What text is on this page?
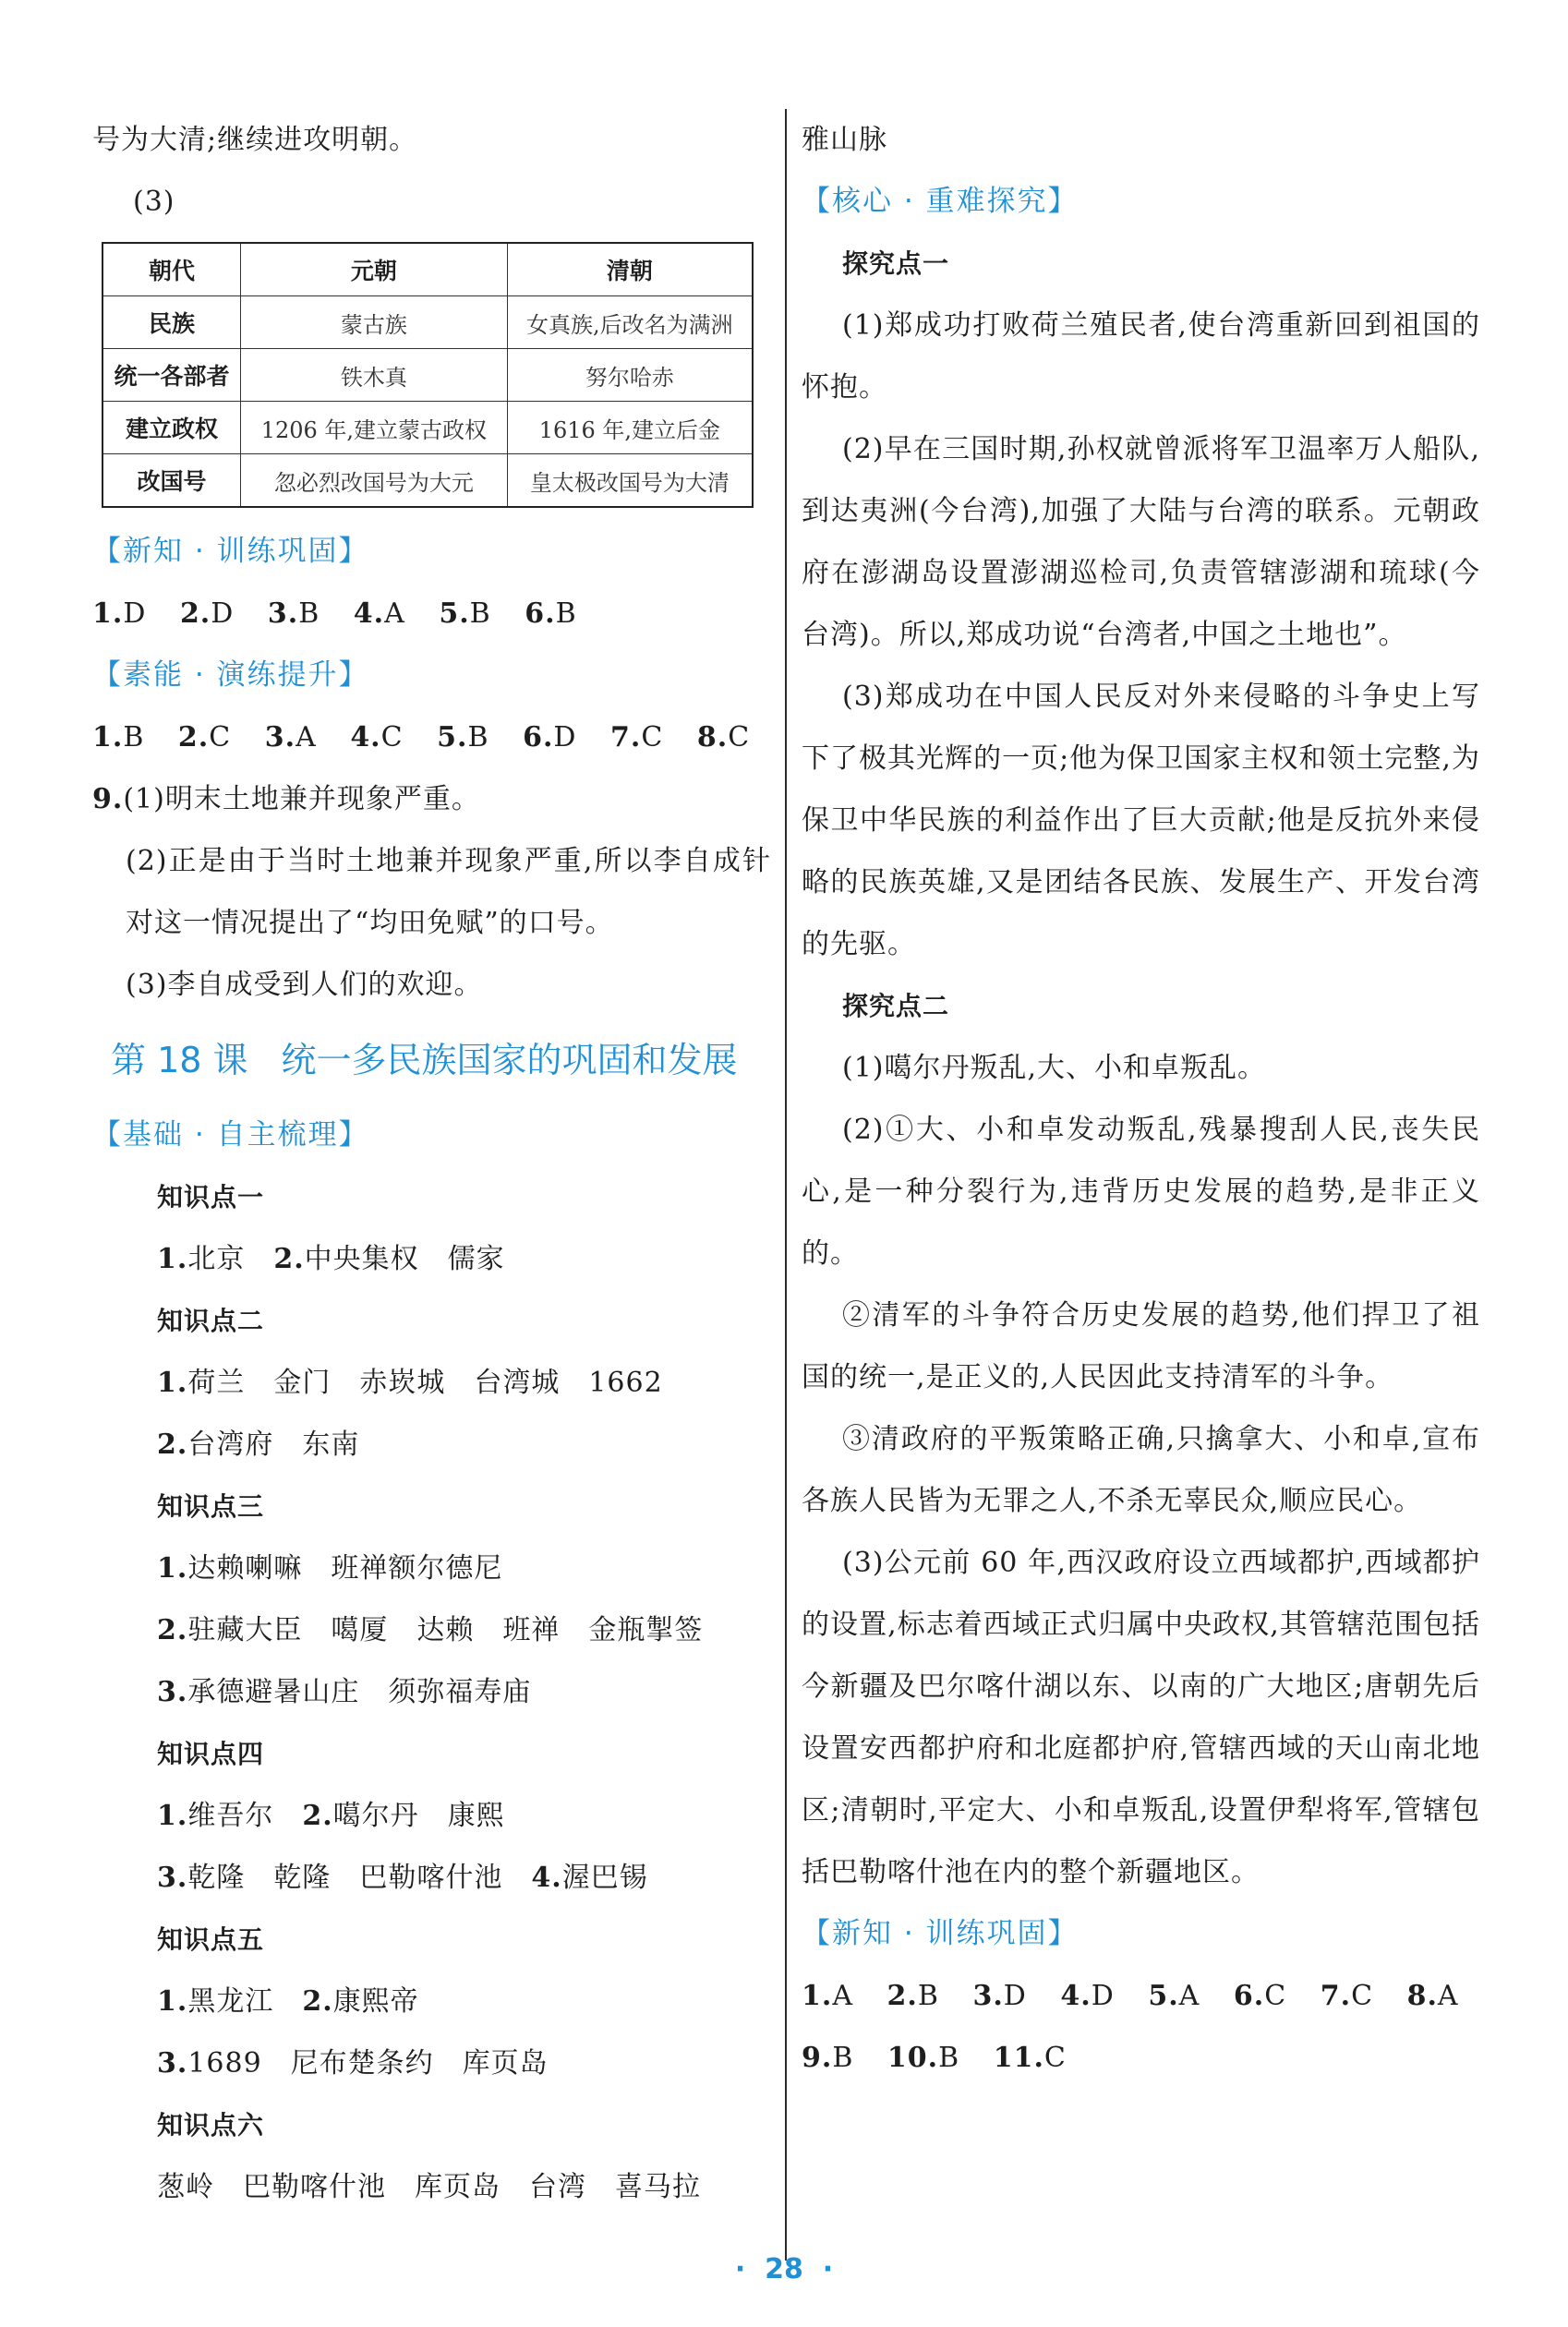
号为大清;继续进攻明朝。
(3)
朝代	元朝	清朝
民族	蒙古族	女真族,后改名为满洲
统一各部者	铁木真	努尔哈赤
建立政权	1206 年,建立蒙古政权	1616 年,建立后金
改国号	忽必烈改国号为大元	皇太极改国号为大清
【新知 · 训练巩固】
1.D 2.D 3.B 4.A 5.B 6.B
【素能 · 演练提升】
1.B 2.C 3.A 4.C 5.B 6.D 7.C 8.C
9.(1)明末土地兼并现象严重。
(2)正是由于当时土地兼并现象严重,所以李自成针对这一情况提出了“均田免赋”的口号。
(3)李自成受到人们的欢迎。
第 18 课 统一多民族国家的巩固和发展
【基础 · 自主梳理】
知识点一
1.北京　 2.中央集权　儒家
知识点二
1.荷兰　金门　赤崁城　台湾城　1662
2.台湾府　东南
知识点三
1.达赖喇嘛　班禅额尔德尼
2.驻藏大臣　噶厦　达赖　班禅　金瓶掣签
3.承德避暑山庄　须弥福寿庙
知识点四
1.维吾尔　 2.噶尔丹　康熙
3.乾隆　乾隆　巴勒喀什池　 4.渥巴锡
知识点五
1.黑龙江　 2.康熙帝
3.1689　尼布楚条约　库页岛
知识点六
葱岭　巴勒喀什池　库页岛　台湾　喜马拉
雅山脉
【核心 · 重难探究】
探究点一
(1)郑成功打败荷兰殖民者,使台湾重新回到祖国的怀抱。
(2)早在三国时期,孙权就曾派将军卫温率万人船队,到达夷洲(今台湾),加强了大陆与台湾的联系。元朝政府在澎湖岛设置澎湖巡检司,负责管辖澎湖和琉球(今台湾)。所以,郑成功说“台湾者,中国之土地也”。
(3)郑成功在中国人民反对外来侵略的斗争史上写下了极其光辉的一页;他为保卫国家主权和领土完整,为保卫中华民族的利益作出了巨大贡献;他是反抗外来侵略的民族英雄,又是团结各民族、发展生产、开发台湾的先驱。
探究点二
(1)噶尔丹叛乱,大、小和卓叛乱。
(2)①大、小和卓发动叛乱,残暴搜刮人民,丧失民心,是一种分裂行为,违背历史发展的趋势,是非正义的。
②清军的斗争符合历史发展的趋势,他们捍卫了祖国的统一,是正义的,人民因此支持清军的斗争。
③清政府的平叛策略正确,只擒拿大、小和卓,宣布各族人民皆为无罪之人,不杀无辜民众,顺应民心。
(3)公元前 60 年,西汉政府设立西域都护,西域都护的设置,标志着西域正式归属中央政权,其管辖范围包括今新疆及巴尔喀什湖以东、以南的广大地区;唐朝先后设置安西都护府和北庭都护府,管辖西域的天山南北地区;清朝时,平定大、小和卓叛乱,设置伊犁将军,管辖包括巴勒喀什池在内的整个新疆地区。
【新知 · 训练巩固】
1.A 2.B 3.D 4.D 5.A 6.C 7.C 8.A
9.B 10.B 11.C
·  28  ·
